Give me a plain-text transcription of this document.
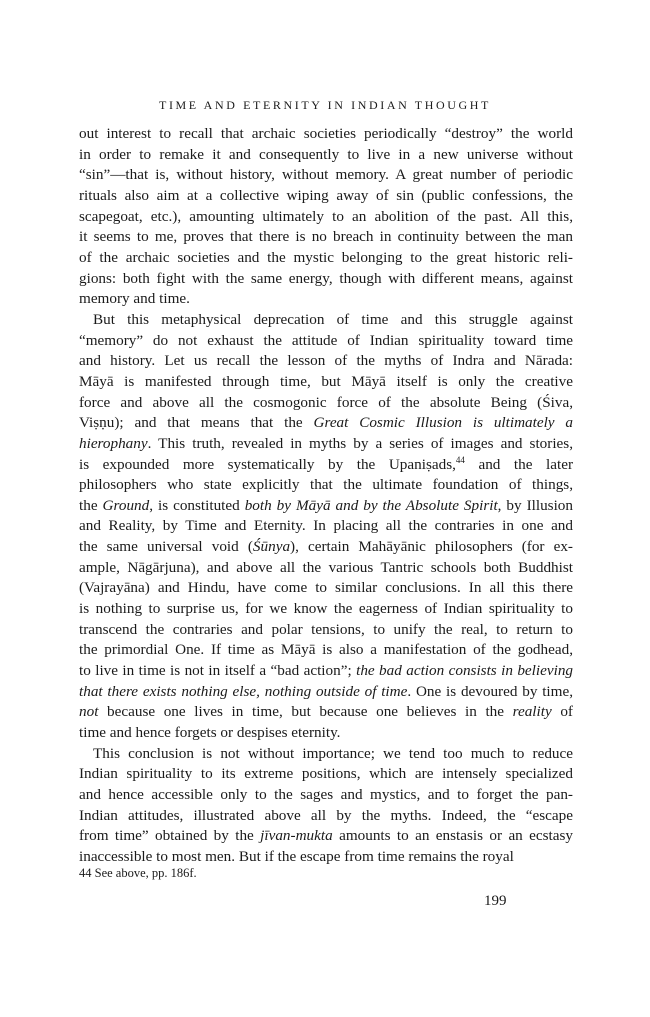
TIME AND ETERNITY IN INDIAN THOUGHT

out interest to recall that archaic societies periodically “destroy” the world
in order to remake it and consequently to live in a new universe without
“sin”—that is, without history, without memory. A great number of periodic
rituals also aim at a collective wiping away of sin (public confessions, the
scapegoat, etc.), amounting ultimately to an abolition of the past. All this,
it seems to me, proves that there is no breach in continuity between the man
of the archaic societies and the mystic belonging to the great historic reli-
gions: both fight with the same energy, though with different means, against
memory and time.

But this metaphysical deprecation of time and this struggle against
“memory” do not exhaust the attitude of Indian spirituality toward time
and history. Let us recall the lesson of the myths of Indra and Nārada:
Māyā is manifested through time, but Māyā itself is only the creative
force and above all the cosmogonic force of the absolute Being (Śiva,
Viṣṇu); and that means that the Great Cosmic Illusion is ultimately a
hierophany. This truth, revealed in myths by a series of images and stories,
is expounded more systematically by the Upaniṣads,$^{44}$ and the later
philosophers who state explicitly that the ultimate foundation of things,
the Ground, is constituted both by Māyā and by the Absolute Spirit, by Illusion
and Reality, by Time and Eternity. In placing all the contraries in one and
the same universal void (Śūnya), certain Mahāyānic philosophers (for ex-
ample, Nāgārjuna), and above all the various Tantric schools both Buddhist
(Vajrayāna) and Hindu, have come to similar conclusions. In all this there
is nothing to surprise us, for we know the eagerness of Indian spirituality to
transcend the contraries and polar tensions, to unify the real, to return to
the primordial One. If time as Māyā is also a manifestation of the godhead,
to live in time is not in itself a “bad action”; the bad action consists in believing
that there exists nothing else, nothing outside of time. One is devoured by time,
not because one lives in time, but because one believes in the reality of
time and hence forgets or despises eternity.

This conclusion is not without importance; we tend too much to reduce
Indian spirituality to its extreme positions, which are intensely specialized
and hence accessible only to the sages and mystics, and to forget the pan-
Indian attitudes, illustrated above all by the myths. Indeed, the “escape
from time” obtained by the jīvan-mukta amounts to an enstasis or an ecstasy
inaccessible to most men. But if the escape from time remains the royal

44 See above, pp. 186f.
199
